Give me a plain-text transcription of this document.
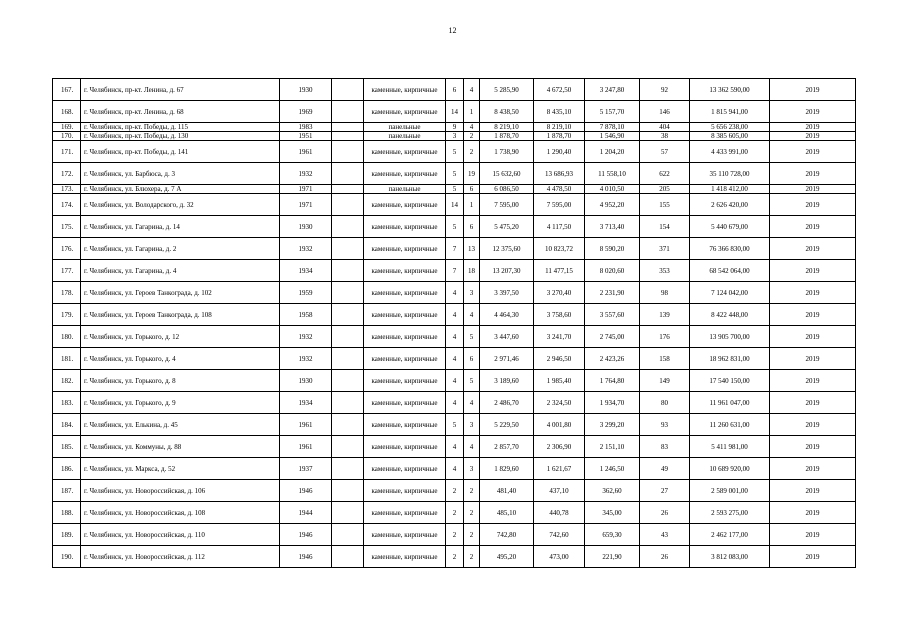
12
167.	г. Челябинск, пр-кт. Ленина, д. 67	1930		каменные, кирпичные	6	4	5 285,90	4 672,50	3 247,80	92	13 362 590,00	2019
168.	г. Челябинск, пр-кт. Ленина, д. 68	1969		каменные, кирпичные	14	1	8 438,50	8 435,10	5 157,70	146	1 815 941,00	2019
169.	г. Челябинск, пр-кт. Победы, д. 115	1983		панельные	9	4	8 219,10	8 219,10	7 878,10	404	5 656 238,00	2019
170.	г. Челябинск, пр-кт. Победы, д. 130	1951		панельные	3	2	1 878,70	1 878,70	1 546,90	38	8 385 605,00	2019
171.	г. Челябинск, пр-кт. Победы, д. 141	1961		каменные, кирпичные	5	2	1 738,90	1 290,40	1 204,20	57	4 433 991,00	2019
172.	г. Челябинск, ул. Барбюса, д. 3	1932		каменные, кирпичные	5	19	15 632,60	13 686,93	11 558,10	622	35 110 728,00	2019
173.	г. Челябинск, ул. Блюхера, д. 7 А	1971		панельные	5	6	6 086,50	4 478,50	4 010,50	205	1 418 412,00	2019
174.	г. Челябинск, ул. Володарского, д. 32	1971		каменные, кирпичные	14	1	7 595,00	7 595,00	4 952,20	155	2 626 420,00	2019
175.	г. Челябинск, ул. Гагарина, д. 14	1930		каменные, кирпичные	5	6	5 475,20	4 117,50	3 713,40	154	5 440 679,00	2019
176.	г. Челябинск, ул. Гагарина, д. 2	1932		каменные, кирпичные	7	13	12 375,60	10 823,72	8 590,20	371	76 366 830,00	2019
177.	г. Челябинск, ул. Гагарина, д. 4	1934		каменные, кирпичные	7	18	13 207,30	11 477,15	8 020,60	353	68 542 064,00	2019
178.	г. Челябинск, ул. Героев Танкограда, д. 102	1959		каменные, кирпичные	4	3	3 397,50	3 270,40	2 231,90	98	7 124 042,00	2019
179.	г. Челябинск, ул. Героев Танкограда, д. 108	1958		каменные, кирпичные	4	4	4 464,30	3 758,60	3 557,60	139	8 422 448,00	2019
180.	г. Челябинск, ул. Горького, д. 12	1932		каменные, кирпичные	4	5	3 447,60	3 241,70	2 745,00	176	13 905 700,00	2019
181.	г. Челябинск, ул. Горького, д. 4	1932		каменные, кирпичные	4	6	2 971,46	2 946,50	2 423,26	158	18 962 831,00	2019
182.	г. Челябинск, ул. Горького, д. 8	1930		каменные, кирпичные	4	5	3 189,60	1 985,40	1 764,80	149	17 540 150,00	2019
183.	г. Челябинск, ул. Горького, д. 9	1934		каменные, кирпичные	4	4	2 486,70	2 324,50	1 934,70	80	11 961 047,00	2019
184.	г. Челябинск, ул. Елькина, д. 45	1961		каменные, кирпичные	5	3	5 229,50	4 001,80	3 299,20	93	11 260 631,00	2019
185.	г. Челябинск, ул. Коммуны, д. 88	1961		каменные, кирпичные	4	4	2 857,70	2 306,90	2 151,10	83	5 411 981,00	2019
186.	г. Челябинск, ул. Маркса, д. 52	1937		каменные, кирпичные	4	3	1 829,60	1 621,67	1 246,50	49	10 689 920,00	2019
187.	г. Челябинск, ул. Новороссийская, д. 106	1946		каменные, кирпичные	2	2	481,40	437,10	362,60	27	2 589 001,00	2019
188.	г. Челябинск, ул. Новороссийская, д. 108	1944		каменные, кирпичные	2	2	485,10	440,78	345,00	26	2 593 275,00	2019
189.	г. Челябинск, ул. Новороссийская, д. 110	1946		каменные, кирпичные	2	2	742,80	742,60	659,30	43	2 462 177,00	2019
190.	г. Челябинск, ул. Новороссийская, д. 112	1946		каменные, кирпичные	2	2	495,20	473,00	221,90	26	3 812 083,00	2019
